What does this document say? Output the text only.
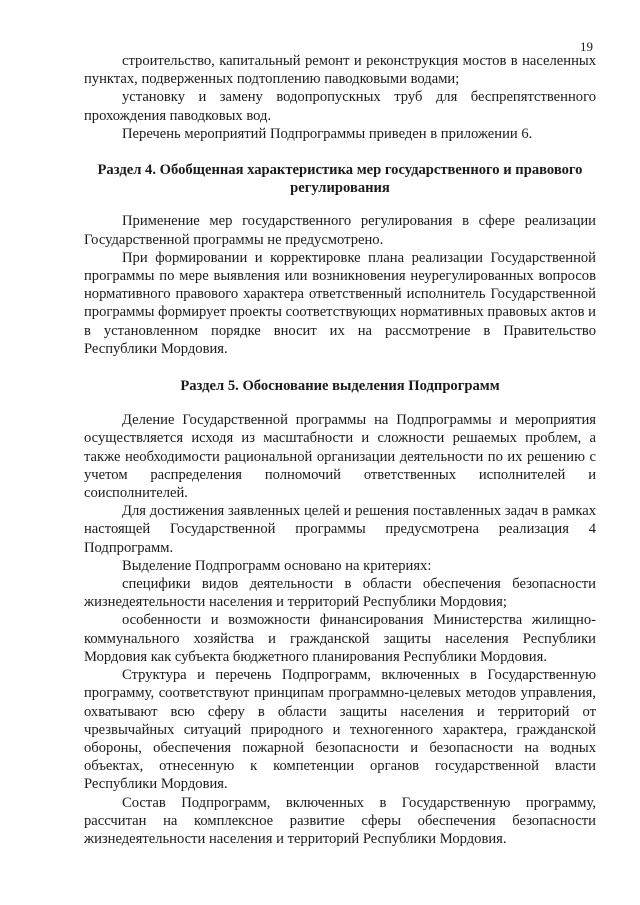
19

строительство, капитальный ремонт и реконструкция мостов в населенных пунктах, подверженных подтоплению паводковыми водами;

установку и замену водопропускных труб для беспрепятственного прохождения паводковых вод.

Перечень мероприятий Подпрограммы приведен в приложении 6.

Раздел 4. Обобщенная характеристика мер государственного и правового регулирования

Применение мер государственного регулирования в сфере реализации Государственной программы не предусмотрено.

При формировании и корректировке плана реализации Государственной программы по мере выявления или возникновения неурегулированных вопросов нормативного правового характера ответственный исполнитель Государственной программы формирует проекты соответствующих нормативных правовых актов и в установленном порядке вносит их на рассмотрение в Правительство Республики Мордовия.

Раздел 5. Обоснование выделения Подпрограмм

Деление Государственной программы на Подпрограммы и мероприятия осуществляется исходя из масштабности и сложности решаемых проблем, а также необходимости рациональной организации деятельности по их решению с учетом распределения полномочий ответственных исполнителей и соисполнителей.

Для достижения заявленных целей и решения поставленных задач в рамках настоящей Государственной программы предусмотрена реализация 4 Подпрограмм.

Выделение Подпрограмм основано на критериях:

специфики видов деятельности в области обеспечения безопасности жизнедеятельности населения и территорий Республики Мордовия;

особенности и возможности финансирования Министерства жилищно-коммунального хозяйства и гражданской защиты населения Республики Мордовия как субъекта бюджетного планирования Республики Мордовия.

Структура и перечень Подпрограмм, включенных в Государственную программу, соответствуют принципам программно-целевых методов управления, охватывают всю сферу в области защиты населения и территорий от чрезвычайных ситуаций природного и техногенного характера, гражданской обороны, обеспечения пожарной безопасности и безопасности на водных объектах, отнесенную к компетенции органов государственной власти Республики Мордовия.

Состав Подпрограмм, включенных в Государственную программу, рассчитан на комплексное развитие сферы обеспечения безопасности жизнедеятельности населения и территорий Республики Мордовия.
